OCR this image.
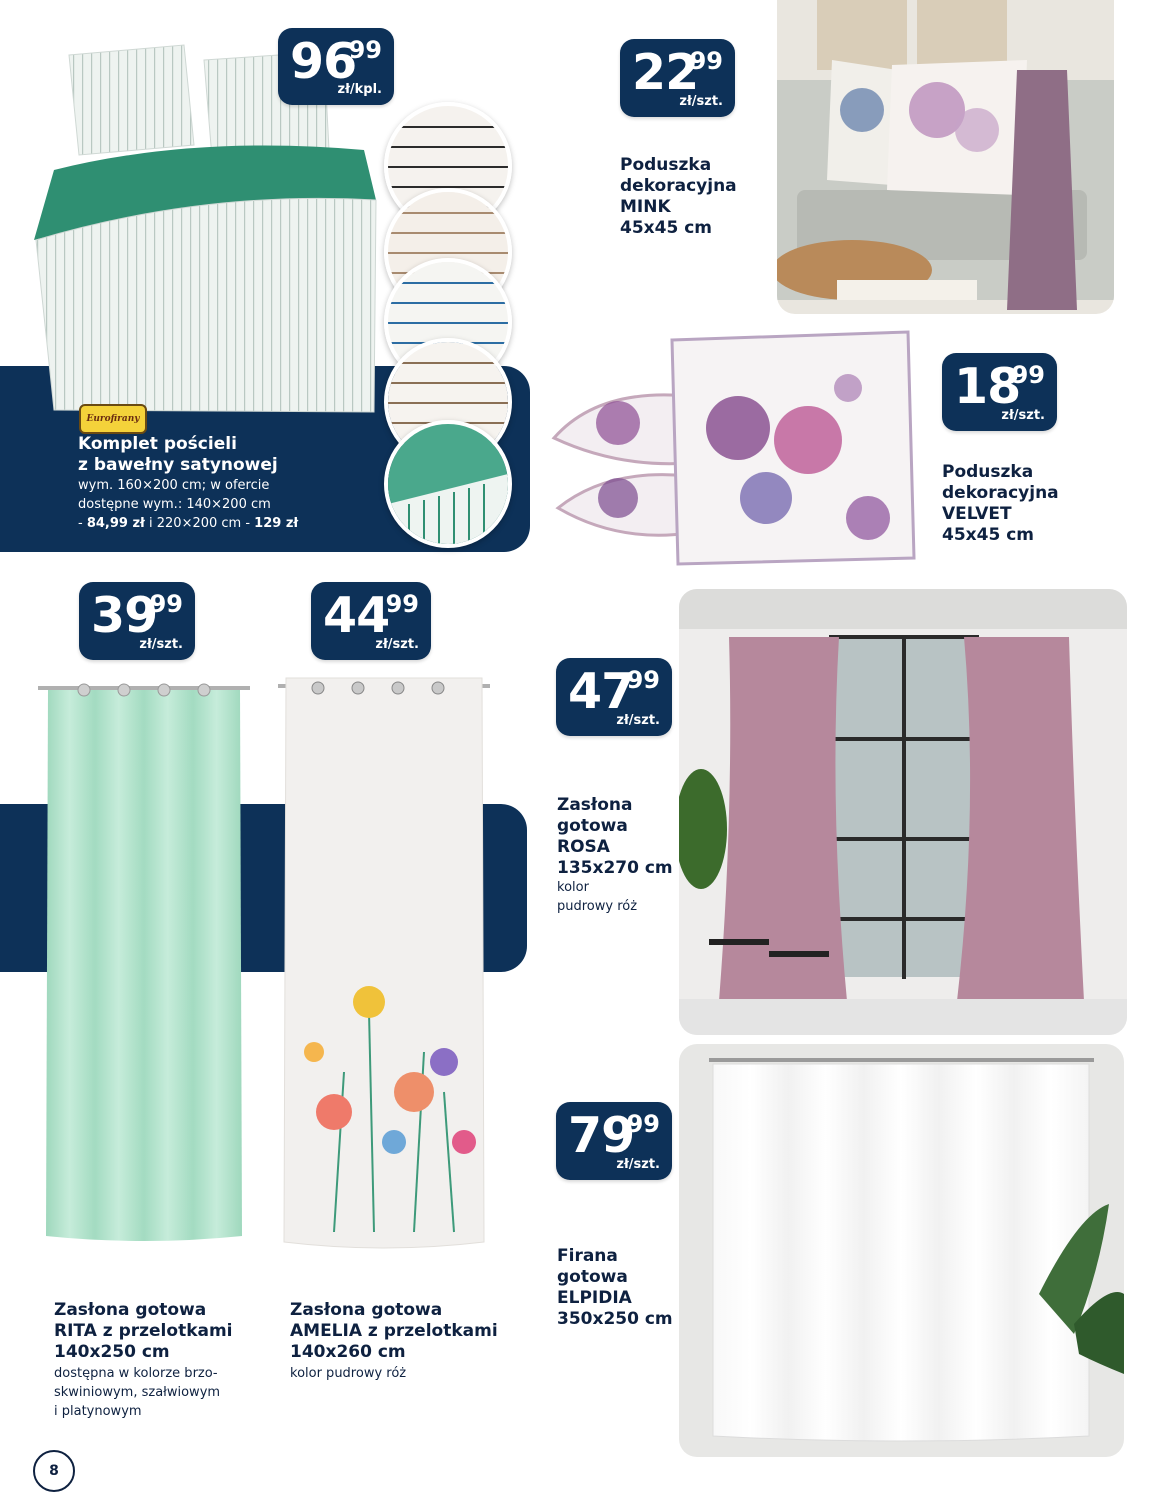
Eurofirany
96
99
zł/kpl.
Komplet pościeli
z bawełny satynowej
wym. 160×200 cm; w ofercie
dostępne wym.: 140×200 cm
- 84,99 zł i 220×200 cm - 129 zł
22
99
zł/szt.
Poduszka
dekoracyjna
MINK
45x45 cm
18
99
zł/szt.
Poduszka
dekoracyjna
VELVET
45x45 cm
39
99
zł/szt.
Zasłona gotowa
RITA z przelotkami
140x250 cm
dostępna w kolorze brzo-
skwiniowym, szałwiowym
i platynowym
44
99
zł/szt.
Zasłona gotowa
AMELIA z przelotkami
140x260 cm
kolor pudrowy róż
47
99
zł/szt.
Zasłona
gotowa
ROSA
135x270 cm
kolor
pudrowy róż
79
99
zł/szt.
Firana
gotowa
ELPIDIA
350x250 cm
8
